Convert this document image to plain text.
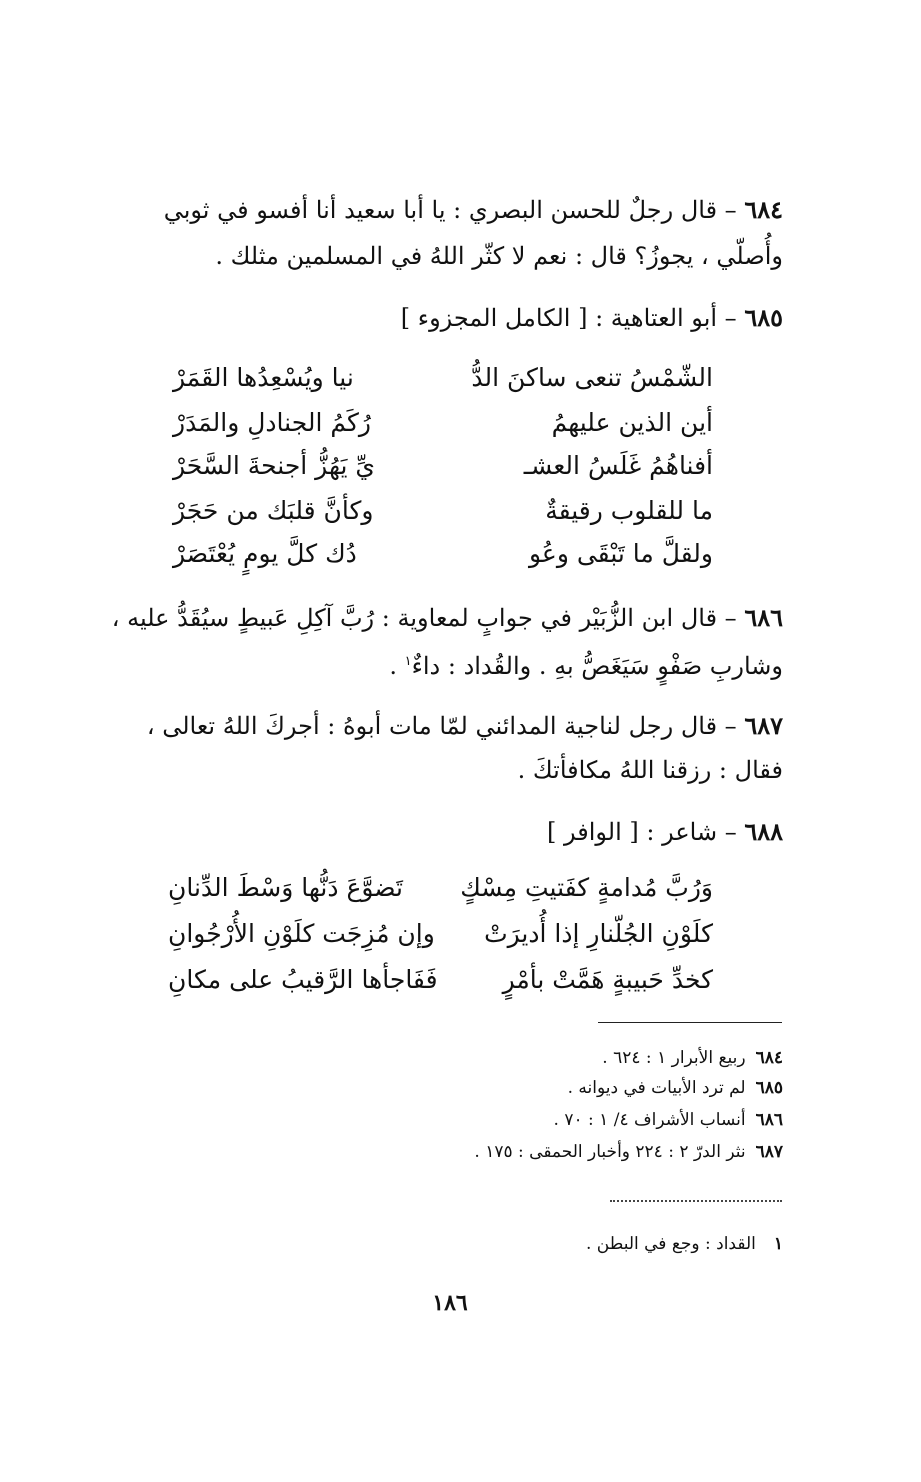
٦٨٤ – قال رجلٌ للحسن البصري : يا أبا سعيد أنا أفسو في ثوبي
وأُصلّي ، يجوزُ؟ قال : نعم لا كثّر اللهُ في المسلمين مثلك .
٦٨٥ – أبو العتاهية : [ الكامل المجزوء ]
الشّمْسُ تنعى ساكنَ الدُّ
نيا ويُسْعِدُها القَمَرْ
أين الذين عليهمُ
رُكَمُ الجنادلِ والمَدَرْ
أفناهُمُ غَلَسُ العشـ
يِّ يَهُزُّ أجنحةَ السَّحَرْ
ما للقلوب رقيقةٌ
وكأنَّ قلبَك من حَجَرْ
ولقلَّ ما تَبْقَى وعُو
دُك كلَّ يومٍ يُعْتَصَرْ
٦٨٦ – قال ابن الزُّبَيْر في جوابٍ لمعاوية : رُبَّ آكِلِ عَبيطٍ سيُقَدُّ عليه ،
وشاربِ صَفْوٍ سَيَغَصُّ بهِ . والقُداد : داءٌ$^١$ .
٦٨٧ – قال رجل لناجية المدائني لمّا مات أبوهُ : أجركَ اللهُ تعالى ،
فقال : رزقنا اللهُ مكافأتكَ .
٦٨٨ – شاعر : [ الوافر ]
وَرُبَّ مُدامةٍ كفَتيتِ مِسْكٍ
تَضوَّعَ دَنُّها وَسْطَ الدِّنانِ
كلَوْنِ الجُلّنارِ إذا أُديرَتْ
وإن مُزِجَت كلَوْنِ الأُرْجُوانِ
كخدِّ حَبيبةٍ هَمَّتْ بأمْرٍ
فَفَاجأها الرَّقيبُ على مكانِ
٦٨٤ربيع الأبرار ١ : ٦٢٤ .
٦٨٥لم ترد الأبيات في ديوانه .
٦٨٦أنساب الأشراف ٤/ ١ : ٧٠ .
٦٨٧نثر الدرّ ٢ : ٢٢٤ وأخبار الحمقى : ١٧٥ .
١القداد : وجع في البطن .
١٨٦
